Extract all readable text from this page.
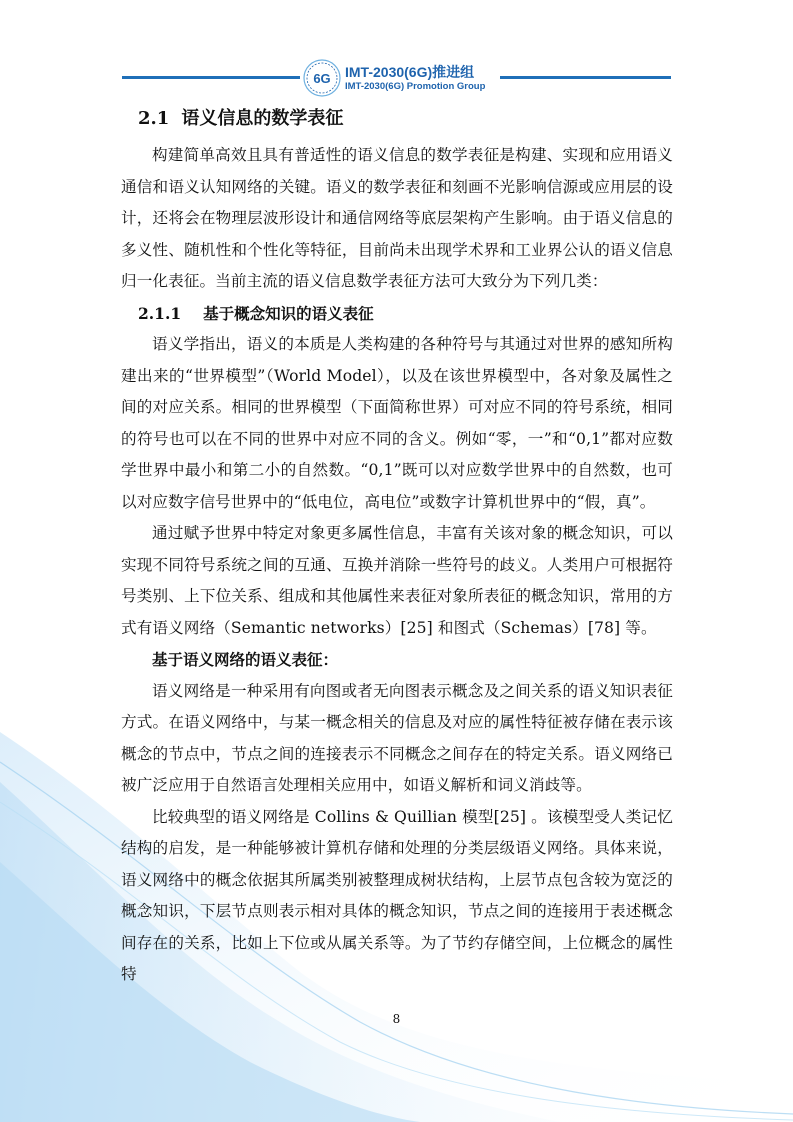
6G IMT-2030(6G)推进组
IMT-2030(6G) Promotion Group
2.1 语义信息的数学表征

构建简单高效且具有普适性的语义信息的数学表征是构建、实现和应用语义通信和语义认知网络的关键。语义的数学表征和刻画不光影响信源或应用层的设计，还将会在物理层波形设计和通信网络等底层架构产生影响。由于语义信息的多义性、随机性和个性化等特征，目前尚未出现学术界和工业界公认的语义信息归一化表征。当前主流的语义信息数学表征方法可大致分为下列几类：

2.1.1 基于概念知识的语义表征

语义学指出，语义的本质是人类构建的各种符号与其通过对世界的感知所构建出来的“世界模型”（World Model），以及在该世界模型中，各对象及属性之间的对应关系。相同的世界模型（下面简称世界）可对应不同的符号系统，相同的符号也可以在不同的世界中对应不同的含义。例如“零，一”和“0,1”都对应数学世界中最小和第二小的自然数。“0,1”既可以对应数学世界中的自然数，也可以对应数字信号世界中的“低电位，高电位”或数字计算机世界中的“假，真”。

通过赋予世界中特定对象更多属性信息，丰富有关该对象的概念知识，可以实现不同符号系统之间的互通、互换并消除一些符号的歧义。人类用户可根据符号类别、上下位关系、组成和其他属性来表征对象所表征的概念知识，常用的方式有语义网络（Semantic networks）[25] 和图式（Schemas）[78] 等。

基于语义网络的语义表征：

语义网络是一种采用有向图或者无向图表示概念及之间关系的语义知识表征方式。在语义网络中，与某一概念相关的信息及对应的属性特征被存储在表示该概念的节点中，节点之间的连接表示不同概念之间存在的特定关系。语义网络已被广泛应用于自然语言处理相关应用中，如语义解析和词义消歧等。

比较典型的语义网络是 Collins & Quillian 模型[25] 。该模型受人类记忆结构的启发，是一种能够被计算机存储和处理的分类层级语义网络。具体来说，语义网络中的概念依据其所属类别被整理成树状结构，上层节点包含较为宽泛的概念知识，下层节点则表示相对具体的概念知识，节点之间的连接用于表述概念间存在的关系，比如上下位或从属关系等。为了节约存储空间，上位概念的属性特

8
